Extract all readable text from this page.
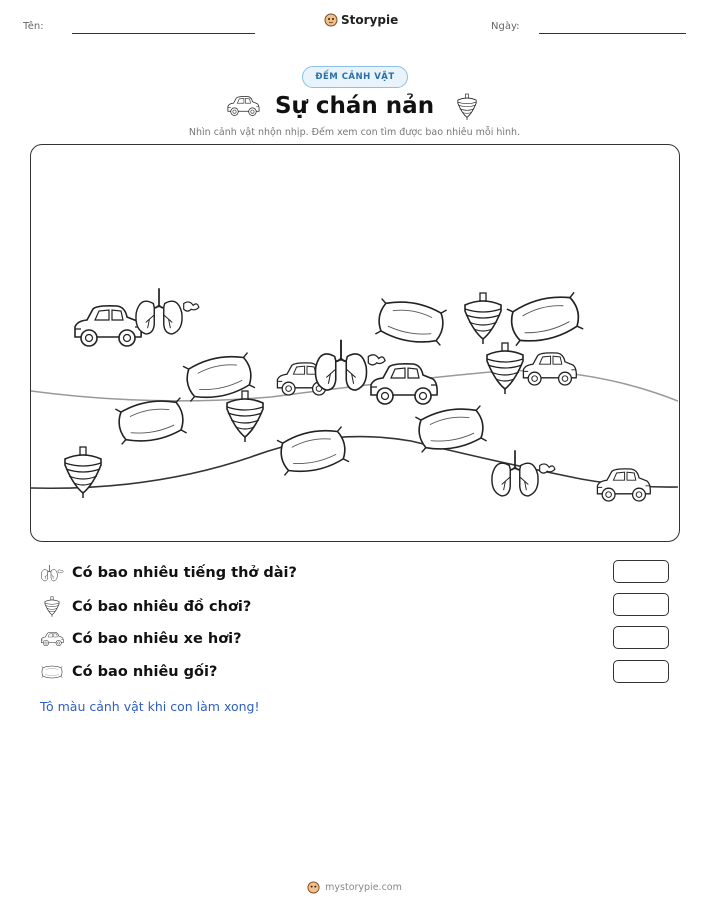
Tên:	Storypie	Ngày:
ĐẾM CẢNH VẬT
Sự chán nản
Nhìn cảnh vật nhộn nhịp. Đếm xem con tìm được bao nhiêu mỗi hình.
Có bao nhiêu tiếng thở dài?
Có bao nhiêu đồ chơi?
Có bao nhiêu xe hơi?
Có bao nhiêu gối?
Tô màu cảnh vật khi con làm xong!
mystorypie.com
